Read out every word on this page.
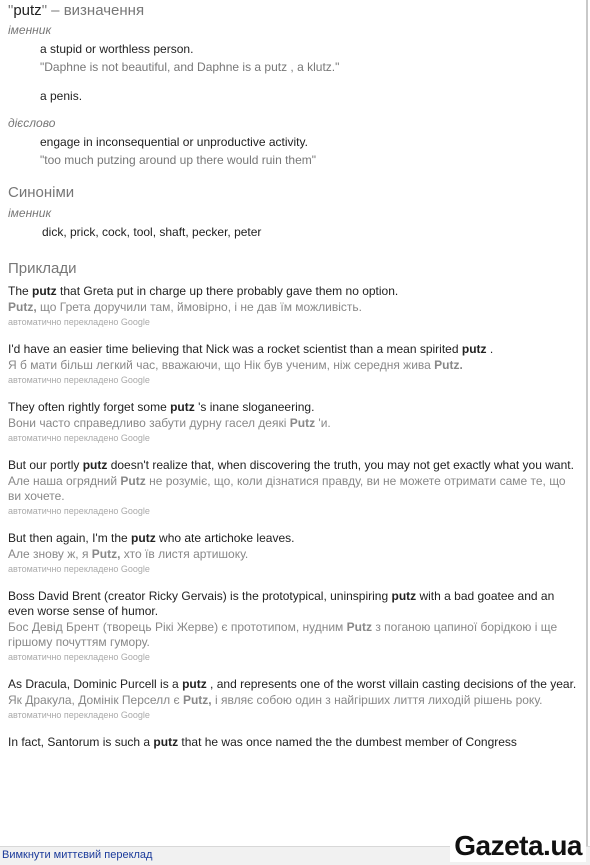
"putz" – визначення
іменник
a stupid or worthless person.
"Daphne is not beautiful, and Daphne is a putz , a klutz."
a penis.
дієслово
engage in inconsequential or unproductive activity.
"too much putzing around up there would ruin them"
Синоніми
іменник
dick, prick, cock, tool, shaft, pecker, peter
Приклади
The putz that Greta put in charge up there probably gave them no option.
Putz, що Грета доручили там, ймовірно, і не дав їм можливість.
автоматично перекладено Google
I'd have an easier time believing that Nick was a rocket scientist than a mean spirited putz .
Я б мати більш легкий час, вважаючи, що Нік був ученим, ніж середня жива Putz.
автоматично перекладено Google
They often rightly forget some putz 's inane sloganeering.
Вони часто справедливо забути дурну гасел деякі Putz 'и.
автоматично перекладено Google
But our portly putz doesn't realize that, when discovering the truth, you may not get exactly what you want.
Але наша огрядний Putz не розуміє, що, коли дізнатися правду, ви не можете отримати саме те, що ви хочете.
автоматично перекладено Google
But then again, I'm the putz who ate artichoke leaves.
Але знову ж, я Putz, хто їв листя артишоку.
автоматично перекладено Google
Boss David Brent (creator Ricky Gervais) is the prototypical, uninspiring putz with a bad goatee and an even worse sense of humor.
Бос Девід Брент (творець Рікі Жерве) є прототипом, нудним Putz з поганою цапиної борідкою і ще гіршому почуттям гумору.
автоматично перекладено Google
As Dracula, Dominic Purcell is a putz , and represents one of the worst villain casting decisions of the year.
Як Дракула, Домінік Перселл є Putz, і являє собою один з найгірших лиття лиходій рішень року.
автоматично перекладено Google
In fact, Santorum is such a putz that he was once named the the dumbest member of Congress
Вимкнути миттєвий переклад	Gazeta.ua
